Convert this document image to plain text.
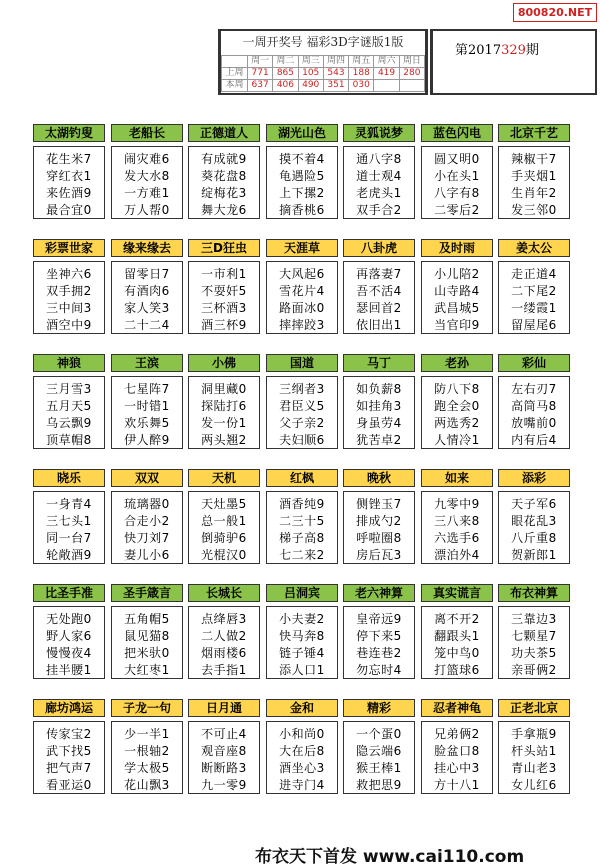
800820.NET
一周开奖号 福彩3D字谜版1版
	周一	周二	周三	周四	周五	周六	周日
上周	771	865	105	543	188	419	280
本周	637	406	490	351	030		
第2017329期
太湖钓叟
花生米7
穿红衣1
来佐酒9
最合宜0
老船长
闹灾难6
发大水8
一方难1
万人帮0
正德道人
有成就9
葵花盘8
绽梅花3
舞大龙6
湖光山色
摸不着4
龟遇险5
上下摞2
摘香桃6
灵狐说梦
通八字8
道士观4
老虎头1
双手合2
蓝色闪电
圆又明0
小在头1
八字有8
二零后2
北京千艺
辣椒干7
手夹烟1
生肖年2
发三邻0
彩票世家
坐神六6
双手拥2
三中间3
酒空中9
缘来缘去
留零日7
有酒肉6
家人笑3
二十二4
三D狂虫
一市利1
不耍奸5
三杯酒3
酒三杯9
天涯草
大风起6
雪花片4
路面冰0
摔摔跤3
八卦虎
再落妻7
吾不活4
瑟回首2
依旧出1
及时雨
小儿陪2
山寺路4
武昌城5
当官印9
姜太公
走正道4
二下尾2
一缕霞1
留屋尾6
神狼
三月雪3
五月天5
乌云飘9
顶草帽8
王滨
七星阵7
一时错1
欢乐舞5
伊人醉9
小佛
洞里藏0
探陆打6
发一份1
两头翘2
国道
三纲者3
君臣义5
父子亲2
夫妇顺6
马丁
如负薪8
如挂角3
身虽劳4
犹苦卓2
老孙
防八下8
跑全会0
两选秀2
人情冷1
彩仙
左右刃7
高筒马8
放嘴前0
内有后4
晓乐
一身青4
三七头1
同一台7
轮敞酒9
双双
琉璃器0
合走小2
快刀刘7
妻儿小6
天机
天灶墨5
总一般1
倒骑驴6
光棍汉0
红枫
酒香纯9
二三十5
梯子高8
七二来2
晚秋
侧锉玉7
排成勺2
呼啦圈8
房后瓦3
如来
九零中9
三八来8
六选手6
漂泊外4
添彩
天子军6
眼花乱3
八斤重8
贺新郎1
比圣手准
无处跑0
野人家6
慢慢夜4
挂半腰1
圣手箴言
五角帽5
鼠见猫8
把米驮0
大红枣1
长城长
点绛唇3
二人做2
烟雨楼6
去手指1
吕洞宾
小夫妻2
快马奔8
链子锤4
添人口1
老六神算
皇帝远9
停下来5
巷连巷2
勿忘时4
真实谎言
离不开2
翻跟头1
笼中鸟0
打篮球6
布衣神算
三靠边3
七颗星7
功夫茶5
亲哥俩2
廊坊鸿运
传家宝2
武下找5
把气声7
看亚运0
子龙一句
少一半1
一根轴2
学太极5
花山飘3
日月通
不可止4
观音座8
断断路3
九一零9
金和
小和尚0
大在后8
酒坐心3
进寺门4
精彩
一个蛋0
隐云端6
猴王棒1
救把思9
忍者神龟
兄弟俩2
脸盆口8
挂心中3
方十八1
正老北京
手拿瓶9
杆头站1
青山老3
女儿红6
布衣天下首发 www.cai110.com
